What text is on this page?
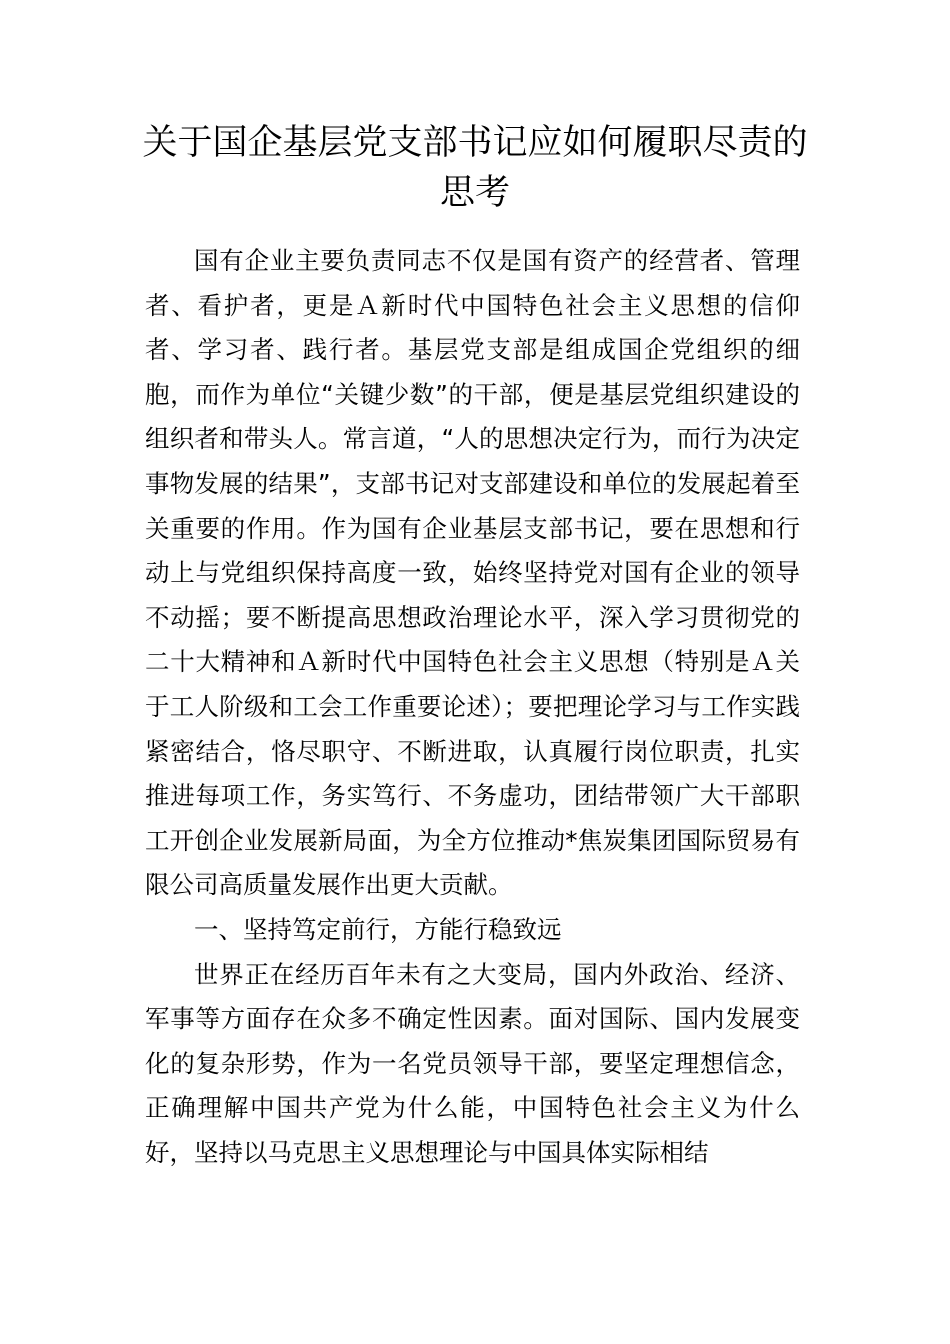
关于国企基层党支部书记应如何履职尽责的思考

国有企业主要负责同志不仅是国有资产的经营者、管理者、看护者，更是Ａ新时代中国特色社会主义思想的信仰者、学习者、践行者。基层党支部是组成国企党组织的细胞，而作为单位“关键少数”的干部，便是基层党组织建设的组织者和带头人。常言道，“人的思想决定行为，而行为决定事物发展的结果”，支部书记对支部建设和单位的发展起着至关重要的作用。作为国有企业基层支部书记，要在思想和行动上与党组织保持高度一致，始终坚持党对国有企业的领导不动摇；要不断提高思想政治理论水平，深入学习贯彻党的二十大精神和Ａ新时代中国特色社会主义思想（特别是Ａ关于工人阶级和工会工作重要论述）；要把理论学习与工作实践紧密结合，恪尽职守、不断进取，认真履行岗位职责，扎实推进每项工作，务实笃行、不务虚功，团结带领广大干部职工开创企业发展新局面，为全方位推动*焦炭集团国际贸易有限公司高质量发展作出更大贡献。

一、坚持笃定前行，方能行稳致远

世界正在经历百年未有之大变局，国内外政治、经济、军事等方面存在众多不确定性因素。面对国际、国内发展变化的复杂形势，作为一名党员领导干部，要坚定理想信念，正确理解中国共产党为什么能，中国特色社会主义为什么好，坚持以马克思主义思想理论与中国具体实际相结
